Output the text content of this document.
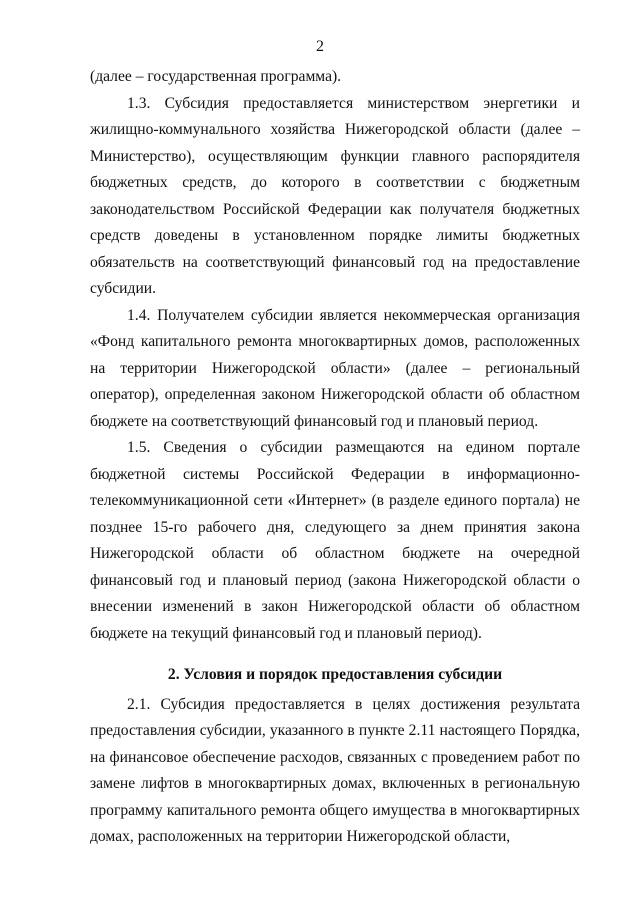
2

(далее – государственная программа).

1.3. Субсидия предоставляется министерством энергетики и жилищно-коммунального хозяйства Нижегородской области (далее – Министерство), осуществляющим функции главного распорядителя бюджетных средств, до которого в соответствии с бюджетным законодательством Российской Федерации как получателя бюджетных средств доведены в установленном порядке лимиты бюджетных обязательств на соответствующий финансовый год на предоставление субсидии.

1.4. Получателем субсидии является некоммерческая организация «Фонд капитального ремонта многоквартирных домов, расположенных на территории Нижегородской области» (далее – региональный оператор), определенная законом Нижегородской области об областном бюджете на соответствующий финансовый год и плановый период.

1.5. Сведения о субсидии размещаются на едином портале бюджетной системы Российской Федерации в информационно-телекоммуникационной сети «Интернет» (в разделе единого портала) не позднее 15-го рабочего дня, следующего за днем принятия закона Нижегородской области об областном бюджете на очередной финансовый год и плановый период (закона Нижегородской области о внесении изменений в закон Нижегородской области об областном бюджете на текущий финансовый год и плановый период).

2. Условия и порядок предоставления субсидии

2.1. Субсидия предоставляется в целях достижения результата предоставления субсидии, указанного в пункте 2.11 настоящего Порядка, на финансовое обеспечение расходов, связанных с проведением работ по замене лифтов в многоквартирных домах, включенных в региональную программу капитального ремонта общего имущества в многоквартирных домах, расположенных на территории Нижегородской области,
